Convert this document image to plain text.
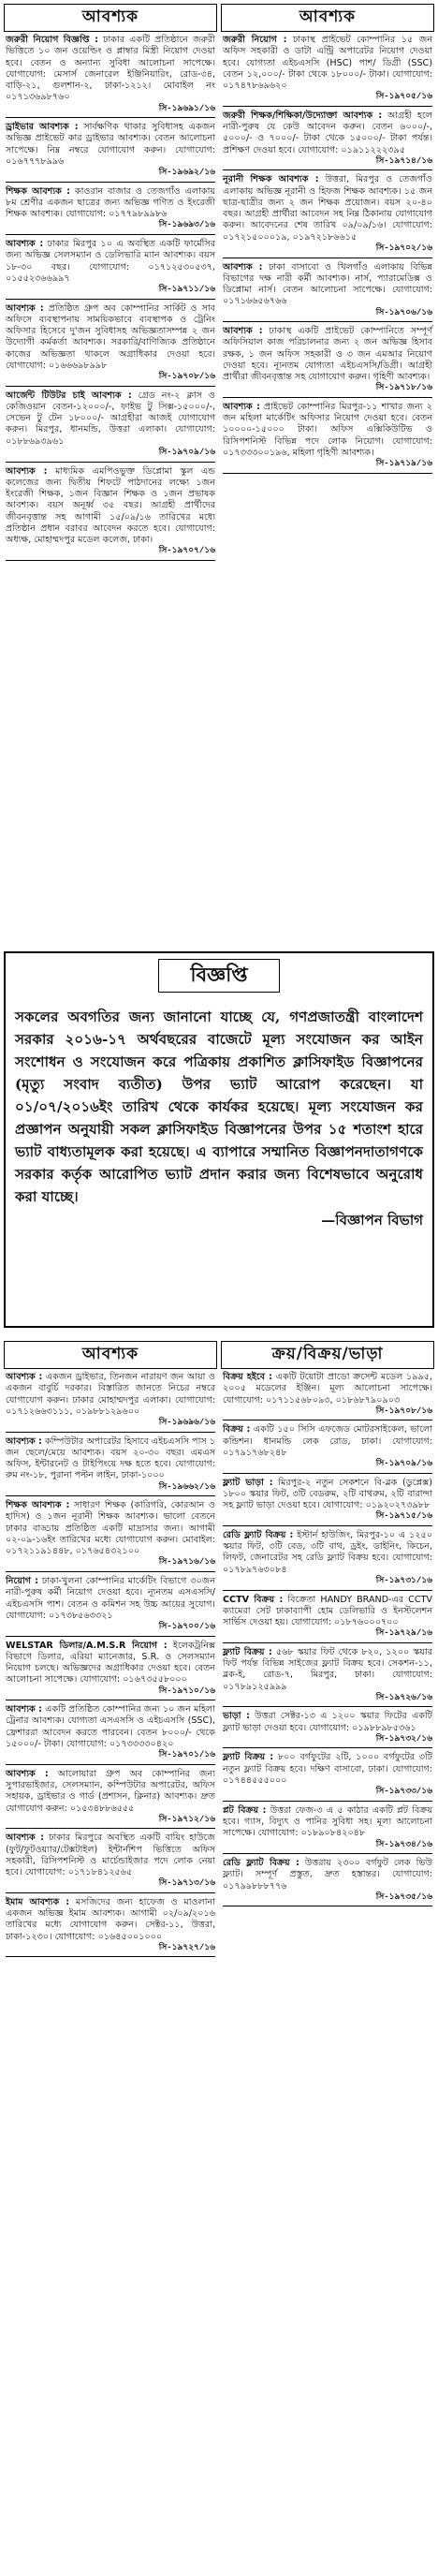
আবশ্যক

জরুরী নিয়োগ বিজ্ঞপ্তি : ঢাকার একটি প্রতিষ্ঠানে জরুরী ভিত্তিতে ১০ জন ওয়েল্ডিং ও প্লাম্বার মিস্ত্রী নিয়োগ দেওয়া হবে। বেতন ও অন্যান্য সুবিধা আলোচনা সাপেক্ষে। যোগাযোগ: মেসার্স জেনারেল ইঞ্জিনিয়ারিং, রোড-৩৪, বাড়ি-২১, গুলশান-২, ঢাকা-১২১২। মোবাইল নং ০১৭১৩৬৯৮৭৬০

সি-১৯৬৯১/১৬

ড্রাইভার আবশ্যক : সার্বক্ষণিক থাকার সুবিধাসহ একজন অভিজ্ঞ প্রাইভেট কার ড্রাইভার আবশ্যক। বেতন আলোচনা সাপেক্ষে। নিম্ন নম্বরে যোগাযোগ করুন। যোগাযোগ: ০১৬৭৭৭৮৯৯৬

সি-১৯৬৯২/১৬

শিক্ষক আবশ্যক : কাওরান বাজার ও তেজগাঁও এলাকায় ৮ম শ্রেণীর একজন ছাত্রের জন্য অভিজ্ঞ গণিত ও ইংরেজী শিক্ষক আবশ্যক। যোগাযোগ: ০১৭৭৯৮৯৯৮৬

সি-১৯৬৯৩/১৬

আবশ্যক : ঢাকার মিরপুর ১০ এ অবস্থিত একটি ফার্মেসির জন্য অভিজ্ঞ সেলসম্যান ও ডেলিভারি ম্যান আবশ্যক। বয়স ১৮-৩০ বছর। যোগাযোগ: ০১৭১২৫৩০৫৩৭, ০১৫৫২৩৬৬৯৯৭

সি-১৯৭১১/১৬

আবশ্যক : প্রতিষ্ঠিত গ্রুপ অব কোম্পানির সার্কিট ও সাব অফিসে ব্যবস্থাপনায় সাময়িকভাবে ব্যবস্থাপক ও ট্রেনিং অফিসার হিসেবে দু'জন সুবিধাসহ অভিজ্ঞতাসম্পন্ন ২ জন উদ্যোগী কর্মকর্তা আবশ্যক। সরকারি/বাণিজ্যিক প্রতিষ্ঠানে কাজের অভিজ্ঞতা থাকলে অগ্রাধিকার দেওয়া হবে। যোগাযোগ: ০১৬৬৬৯৮৯৯৮

সি-১৯৭০৮/১৬

আর্জেন্ট টিউটর চাই আবশ্যক : গ্রেড নং-২ ক্লাস ও কেজিওয়ান বেতন-১২০০০/-, ফাইভ টু সিক্স-১৫০০০/-, সেভেন টু টেন ১৮০০০/- আগ্রহীরা আজই যোগাযোগ করুন। মিরপুর, ধানমন্ডি, উত্তরা এলাকা। যোগাযোগ: ০১৮৮৬৯৩৯৬১

সি-১৯৭০৯/১৬

আবশ্যক : মাধ্যমিক এমপিওভুক্ত ডিপ্লোমা স্কুল এন্ড কলেজের জন্য দ্বিতীয় শিফটে পাঠদানের লক্ষ্যে ১জন ইংরেজী শিক্ষক, ১জন বিজ্ঞান শিক্ষক ও ১জন প্রভাষক আবশ্যক। বয়স অনূর্ধ্ব ৩৫ বছর। আগ্রহী প্রার্থীদের জীবনবৃত্তান্ত সহ আগামী ১৫/০৯/১৬ তারিখের মধ্যে প্রতিষ্ঠান প্রধান বরাবর আবেদন করতে হবে। যোগাযোগ: অধ্যক্ষ, মোহাম্মদপুর মডেল কলেজ, ঢাকা।

সি-১৯৭০৭/১৬
আবশ্যক

জরুরী নিয়োগ : ঢাকাস্থ প্রাইভেট কোম্পানির ১৫ জন অফিস সহকারী ও ডাটা এন্ট্রি অপারেটর নিয়োগ দেওয়া হবে। যোগ্যতা এইচএসসি (HSC) পাশ/ ডিগ্রী (SSC) বেতন ১২,০০০/- টাকা থেকে ১৮০০০/- টাকা। যোগাযোগ: ০১৭৪৭৮৬৯৬২০

সি-১৯৭০৫/১৬

জরুরী শিক্ষক/শিক্ষিকা/উদ্যোক্তা আবশ্যক : আগ্রহী হলে নারী-পুরুষ যে কেউ আবেদন করুন। বেতন ৬০০০/-, ৫০০০/- ও ৭০০০/- টাকা থেকে ১৫০০০/- টাকা পর্যন্ত। প্রশিক্ষণ দেওয়া হবে। যোগাযোগ: ০১৯১১২২২৩৯৫

সি-১৯৭১৪/১৬

নূরানী শিক্ষক আবশ্যক : উত্তরা, মিরপুর ও তেজগাঁও এলাকায় অভিজ্ঞ নূরানী ও হিফজ শিক্ষক আবশ্যক। ১৫ জন ছাত্র-ছাত্রীর জন্য ২ জন শিক্ষক প্রয়োজন। বয়স ২০-৪০ বছর। আগ্রহী প্রার্থীরা আবেদন সহ নিম্ন ঠিকানায় যোগাযোগ করুন। আবেদনের শেষ তারিখ ০৯/০৯/১৬। যোগাযোগ: ০১৭২১৫০০০১৯, ০১৯৭২১৮৬৬১৫

সি-১৯৭০২/১৬

আবশ্যক : ঢাকা বাসাবো ও খিলগাঁও এলাকায় বিভিন্ন বিভাগের দক্ষ নারী কর্মী আবশ্যক। নার্স, প্যারামেডিক্স ও ডিপ্লোমা নার্স। বেতন আলোচনা সাপেক্ষে। যোগাযোগ: ০১৭১৬৬৫৬৭৬৬

সি-১৯৭০৬/১৬

আবশ্যক : ঢাকাস্থ একটি প্রাইভেট কোম্পানিতে সম্পূর্ণ অফিসিয়াল কাজ পরিচালনার জন্য ২ জন অভিজ্ঞ হিসাব রক্ষক, ১ জন অফিস সহকারী ও ৩ জন এমআর নিয়োগ দেওয়া হবে। ন্যূনতম যোগ্যতা এইচএসসি/ডিগ্রী। আগ্রহী প্রার্থীরা জীবনবৃত্তান্ত সহ যোগাযোগ করুন। গৃহিণী আবশ্যক।

সি-১৯৭১৮/১৬

আবশ্যক : প্রাইভেট কোম্পানির মিরপুর-১১ শাখার জন্য ২ জন মহিলা মার্কেটিং অফিসার নিয়োগ দেওয়া হবে। বেতন ১০০০০-১৫০০০ টাকা। অফিস এক্সিকিউটিভ ও রিসিপশনিস্ট বিভিন্ন পদে লোক নিয়োগ। যোগাযোগ: ০১৭৩৩৩০০১৯৬, মহিলা গৃহিণী আবশ্যক।

সি-১৯৭১৯/১৬
বিজ্ঞপ্তি

সকলের অবগতির জন্য জানানো যাচ্ছে যে, গণপ্রজাতন্ত্রী বাংলাদেশ সরকার ২০১৬-১৭ অর্থবছরের বাজেটে মূল্য সংযোজন কর আইন সংশোধন ও সংযোজন করে পত্রিকায় প্রকাশিত ক্লাসিফাইড বিজ্ঞাপনের (মৃত্যু সংবাদ ব্যতীত) উপর ভ্যাট আরোপ করেছেন। যা ০১/০৭/২০১৬ইং তারিখ থেকে কার্যকর হয়েছে। মূল্য সংযোজন কর প্রজ্ঞাপন অনুযায়ী সকল ক্লাসিফাইড বিজ্ঞাপনের উপর ১৫ শতাংশ হারে ভ্যাট বাধ্যতামূলক করা হয়েছে। এ ব্যাপারে সম্মানিত বিজ্ঞাপনদাতাগণকে সরকার কর্তৃক আরোপিত ভ্যাট প্রদান করার জন্য বিশেষভাবে অনুরোধ করা যাচ্ছে।

—বিজ্ঞাপন বিভাগ

আবশ্যক

আবশ্যক : একজন ড্রাইভার, তিনজন নারায়ণ জন আয়া ও একজন বাবুর্চি দরকার। বিস্তারিত জানতে নিচের নম্বরে যোগাযোগ করুন। ঢাকার মোহাম্মদপুর এলাকা। যোগাযোগ: ০১৭১২৬৬৩১১১, ০১৯৮৮১২৯৬০০

সি-১৯৬৯৬/১৬

আবশ্যক : কম্পিউটার অপারেটর হিসাবে এইচএসসি পাস ১ জন ছেলে/মেয়ে আবশ্যক। বয়স ২০-৩০ বছর। এমএস অফিস, ইন্টারনেট ও টাইপিংয়ে দক্ষ হতে হবে। যোগাযোগ: রুম নং-১৮, পুরানা পল্টন লাইন, ঢাকা-১০০০

সি-১৯৬৬২/১৬

শিক্ষক আবশ্যক : সাধারণ শিক্ষক (কারিগরি, কোরআন ও হাদিস) ও ১জন নূরানী শিক্ষক আবশ্যক। ভালো বেতনে ঢাকার বাড্ডায় প্রতিষ্ঠিত একটি মাদ্রাসার জন্য। আগামী ০২-০৯-১৬ইং তারিখের মধ্যে যোগাযোগ করুন। মোবাইল: ০১৭২১১৯১৪৪৮, ০১৭৬৫৪৩২১০০

সি-১৯৭১৬/১৬

নিয়োগ : ঢাকা-খুলনা কোম্পানির মার্কেটিং বিভাগে ৩০জন নারী-পুরুষ কর্মী নিয়োগ দেওয়া হবে। ন্যূনতম এসএসসি/এইচএসসি পাশ। বেতন ও কমিশন সহ উচ্চ আয়ের সুযোগ। যোগাযোগ: ০১৭৩৮৫৬৩৩২১

সি-১৯৭০০/১৬

WELSTAR ডিলার/A.M.S.R নিয়োগ : ইলেকট্রনিক্স বিভাগে ডিলার, এরিয়া ম্যানেজার, S.R. ও সেলসম্যান নিয়োগ চলছে। অভিজ্ঞদের অগ্রাধিকার দেওয়া হবে। বেতন আলোচনা সাপেক্ষে। যোগাযোগ: ০১৬৭৩৫৫৮০০০

সি-১৯৭১০/১৬

আবশ্যক : একটি প্রতিষ্ঠিত কোম্পানির জন্য ১০ জন মহিলা ট্রেনার আবশ্যক। যোগ্যতা এসএসসি ও এইচএসসি (SSC), ফ্রেশাররা আবেদন করতে পারবেন। বেতন ৮০০০/- থেকে ১৫০০০/- টাকা। যোগাযোগ: ০১৭৩৩৩৩০৪২০

সি-১৯৭০১/১৬

আবশ্যক : আলোয়ারা গ্রুপ অব কোম্পানির জন্য সুপারভাইজার, সেলসম্যান, কম্পিউটার অপারেটর, অফিস সহায়ক, ড্রাইভার ও গার্ড (প্রশাসন, ক্লিনার) আবশ্যক। দ্রুত যোগাযোগ করুন: ০১৫৩৪৮৮৬৫৫৫

সি-১৯৭১২/১৬

আবশ্যক : ঢাকার মিরপুরে অবস্থিত একটি বায়িং হাউজে (ফুট/ফুটওয়্যার/টেক্সটাইল) ইন্টার্নশিপ ভিত্তিতে অফিস সহকারী, রিসিপশনিস্ট ও মার্চেন্ডাইজার পদে লোক নেয়া হবে। যোগাযোগ: ০১৭১৮৪১২৫৬৫

সি-১৯৭১৩/১৬

ইমাম আবশ্যক : মসজিদের জন্য হাফেজ ও মাওলানা একজন অভিজ্ঞ ইমাম আবশ্যক। আগামী ০২/০৯/২০১৬ তারিখের মধ্যে যোগাযোগ করুন। সেক্টর-১১, উত্তরা, ঢাকা-১২৩০। যোগাযোগ: ০১৬৪৫০০১০০০

সি-১৯৭২৭/১৬
ক্রয়/বিক্রয়/ভাড়া

বিক্রয় হইবে : একটি টয়োটা প্রাডো ক্রসেন্ট মডেল ১৯৯৫, ২০০৫ মডেলের ইঞ্জিন। মূল্য আলোচনা সাপেক্ষে। যোগাযোগ: ০১৭১১৫৬৮০৯৩, ০১৮৬৮৭৯০৯০৩

সি-১৯৭০৮/১৬

বিক্রয় : একটি ১৫০ সিসি এফজেড মোটরসাইকেল, ভালো কন্ডিশন। ধানমন্ডি লেক রোড, ঢাকা। যোগাযোগ: ০১৭৯১৭৬৮২৪৮

সি-১৯৭০৯/১৬

ফ্ল্যাট ভাড়া : মিরপুর-২ নতুন সেকশনে বি-ব্লক (ডুপ্লেক্স) ১৮০০ স্কয়ার ফিট, ৩টি বেডরুম, ২টি বাথরুম, ২টি বারান্দা সহ ফ্ল্যাট ভাড়া দেওয়া হবে। যোগাযোগ: ০১৯২০২৭৩৯৮৮

সি-১৯৭১৫/১৬

রেডি ফ্ল্যাট বিক্রয় : ইস্টার্ন হাউজিং, মিরপুর-১০ এ ১২৫০ স্কয়ার ফিট, ৩টি বেড, ৩টি বাথ, ড্রইং, ডাইনিং, কিচেন, লিফট, জেনারেটর সহ রেডি ফ্ল্যাট বিক্রয় হবে। যোগাযোগ: ০১৭৮৯৭৬৩০৮৪

সি-১৯৭৩১/১৬

CCTV বিক্রয় : বিক্রেতা HANDY BRAND-এর CCTV ক্যামেরা সেট ঢাকাব্যাপী হোম ডেলিভারি ও ইনস্টলেশন সার্ভিস দেওয়া হয়। যোগাযোগ: ০১৮৭৬০০০৭০০

সি-১৯৭২৯/১৬

ফ্ল্যাট বিক্রয় : ৫৬৮ স্কয়ার ফিট থেকে ৮২০, ১২০০ স্কয়ার ফিট পর্যন্ত বিভিন্ন সাইজের ফ্ল্যাট বিক্রয় হবে। সেকশন-১১, ব্লক-ই, রোড-৭, মিরপুর, ঢাকা। যোগাযোগ: ০১৭৮৯১২৫৯৯৯

সি-১৯৭২৬/১৬

ভাড়া : উত্তরা সেক্টর-১৩ এ ১২০০ স্কয়ার ফিটের একটি ফ্ল্যাট ভাড়া দেওয়া হবে। যোগাযোগ: ০১৯৮৮৯৮৫৩৬১

সি-১৯৭৩২/১৬

ফ্ল্যাট বিক্রয় : ৮০০ বর্গফুটের ২টি, ১০০০ বর্গফুটের ৩টি নতুন ফ্ল্যাট বিক্রয় হবে। দক্ষিণ বাসাবো, ঢাকা। যোগাযোগ: ০১৭৪৪৫৫৫০০০

সি-১৯৭৩৩/১৬

প্লট বিক্রয় : উত্তরা ফেজ-৩ এ ৫ কাঠার একটি প্লট বিক্রয় হবে। গ্যাস, বিদ্যুৎ ও পানির সুবিধা সহ। মূল্য আলোচনা সাপেক্ষে। যোগাযোগ: ০১৮৯০৮৪২০৪৮

সি-১৯৭৩৪/১৬

রেডি ফ্ল্যাট বিক্রয় : উত্তরায় ২৩০০ বর্গফুট লেক ভিউ ফ্ল্যাট। সম্পূর্ণ প্রস্তুত, দ্রুত হস্তান্তর। যোগাযোগ: ০১৭৯৯৮৮৮৭৭৬

সি-১৯৭৩৫/১৬
